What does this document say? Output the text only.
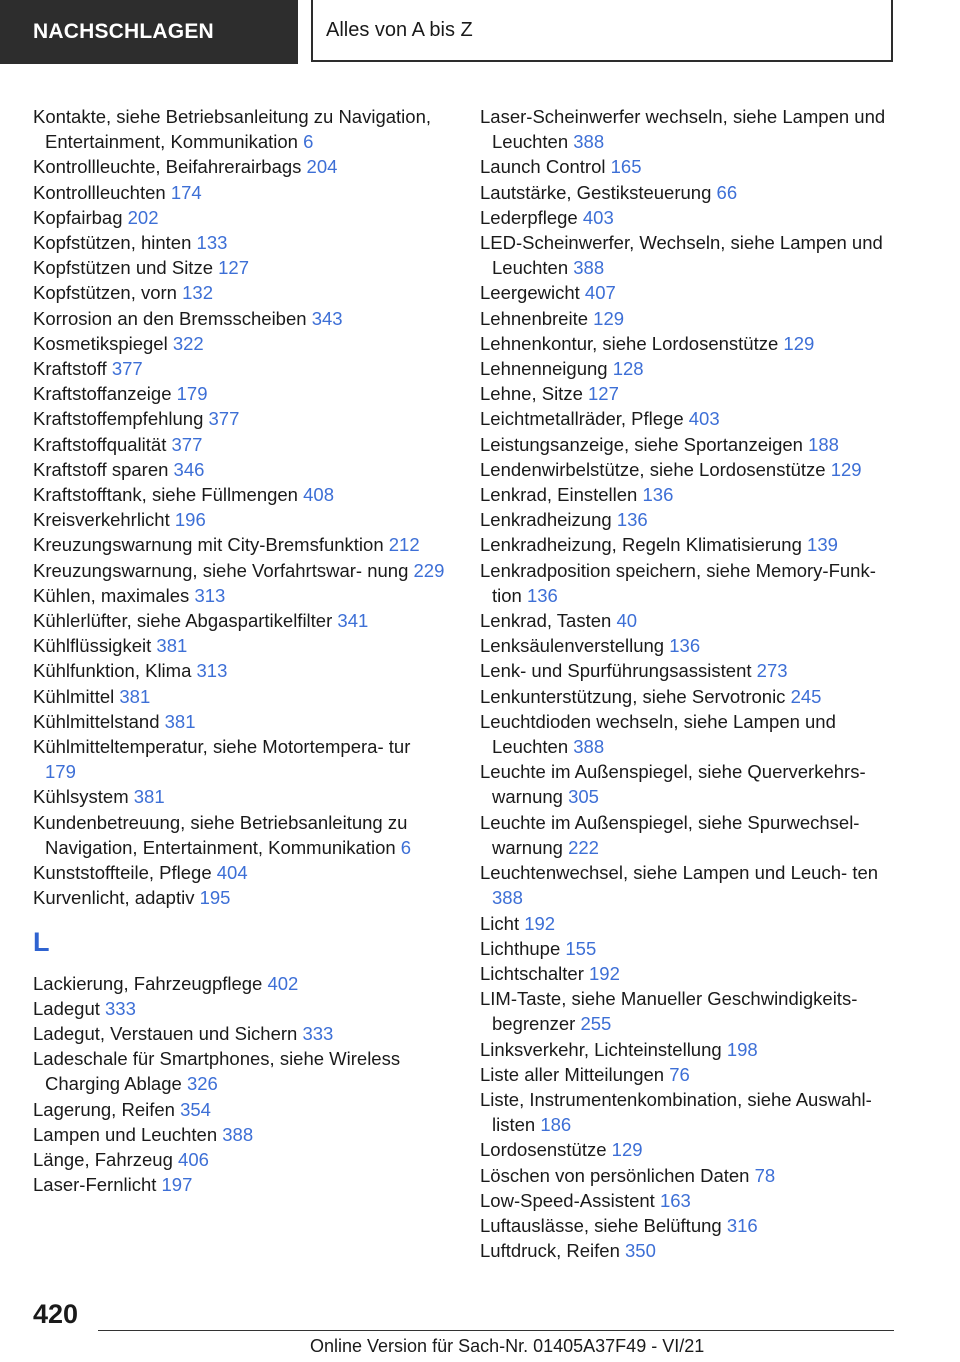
NACHSCHLAGEN	Alles von A bis Z

Kontakte, siehe Betriebsanleitung zu Navigation, Entertainment, Kommunikation 6

Kontrollleuchte, Beifahrerairbags 204

Kontrollleuchten 174

Kopfairbag 202

Kopfstützen, hinten 133

Kopfstützen und Sitze 127

Kopfstützen, vorn 132

Korrosion an den Bremsscheiben 343

Kosmetikspiegel 322

Kraftstoff 377

Kraftstoffanzeige 179

Kraftstoffempfehlung 377

Kraftstoffqualität 377

Kraftstoff sparen 346

Kraftstofftank, siehe Füllmengen 408

Kreisverkehrlicht 196

Kreuzungswarnung mit City-Bremsfunktion 212

Kreuzungswarnung, siehe Vorfahrtswar- nung 229

Kühlen, maximales 313

Kühlerlüfter, siehe Abgaspartikelfilter 341

Kühlflüssigkeit 381

Kühlfunktion, Klima 313

Kühlmittel 381

Kühlmittelstand 381

Kühlmitteltemperatur, siehe Motortempera- tur 179

Kühlsystem 381

Kundenbetreuung, siehe Betriebsanleitung zu Navigation, Entertainment, Kommunikation 6

Kunststoffteile, Pflege 404

Kurvenlicht, adaptiv 195

L

Lackierung, Fahrzeugpflege 402

Ladegut 333

Ladegut, Verstauen und Sichern 333

Ladeschale für Smartphones, siehe Wireless Charging Ablage 326

Lagerung, Reifen 354

Lampen und Leuchten 388

Länge, Fahrzeug 406

Laser-Fernlicht 197

Laser-Scheinwerfer wechseln, siehe Lampen und Leuchten 388

Launch Control 165

Lautstärke, Gestiksteuerung 66

Lederpflege 403

LED-Scheinwerfer, Wechseln, siehe Lampen und Leuchten 388

Leergewicht 407

Lehnenbreite 129

Lehnenkontur, siehe Lordosenstütze 129

Lehnenneigung 128

Lehne, Sitze 127

Leichtmetallräder, Pflege 403

Leistungsanzeige, siehe Sportanzeigen 188

Lendenwirbelstütze, siehe Lordosenstütze 129

Lenkrad, Einstellen 136

Lenkradheizung 136

Lenkradheizung, Regeln Klimatisierung 139

Lenkradposition speichern, siehe Memory-Funk- tion 136

Lenkrad, Tasten 40

Lenksäulenverstellung 136

Lenk- und Spurführungsassistent 273

Lenkunterstützung, siehe Servotronic 245

Leuchtdioden wechseln, siehe Lampen und Leuchten 388

Leuchte im Außenspiegel, siehe Querverkehrs- warnung 305

Leuchte im Außenspiegel, siehe Spurwechsel- warnung 222

Leuchtenwechsel, siehe Lampen und Leuch- ten 388

Licht 192

Lichthupe 155

Lichtschalter 192

LIM-Taste, siehe Manueller Geschwindigkeits- begrenzer 255

Linksverkehr, Lichteinstellung 198

Liste aller Mitteilungen 76

Liste, Instrumentenkombination, siehe Auswahl- listen 186

Lordosenstütze 129

Löschen von persönlichen Daten 78

Low-Speed-Assistent 163

Luftauslässe, siehe Belüftung 316

Luftdruck, Reifen 350

420
Online Version für Sach-Nr. 01405A37F49 - VI/21
